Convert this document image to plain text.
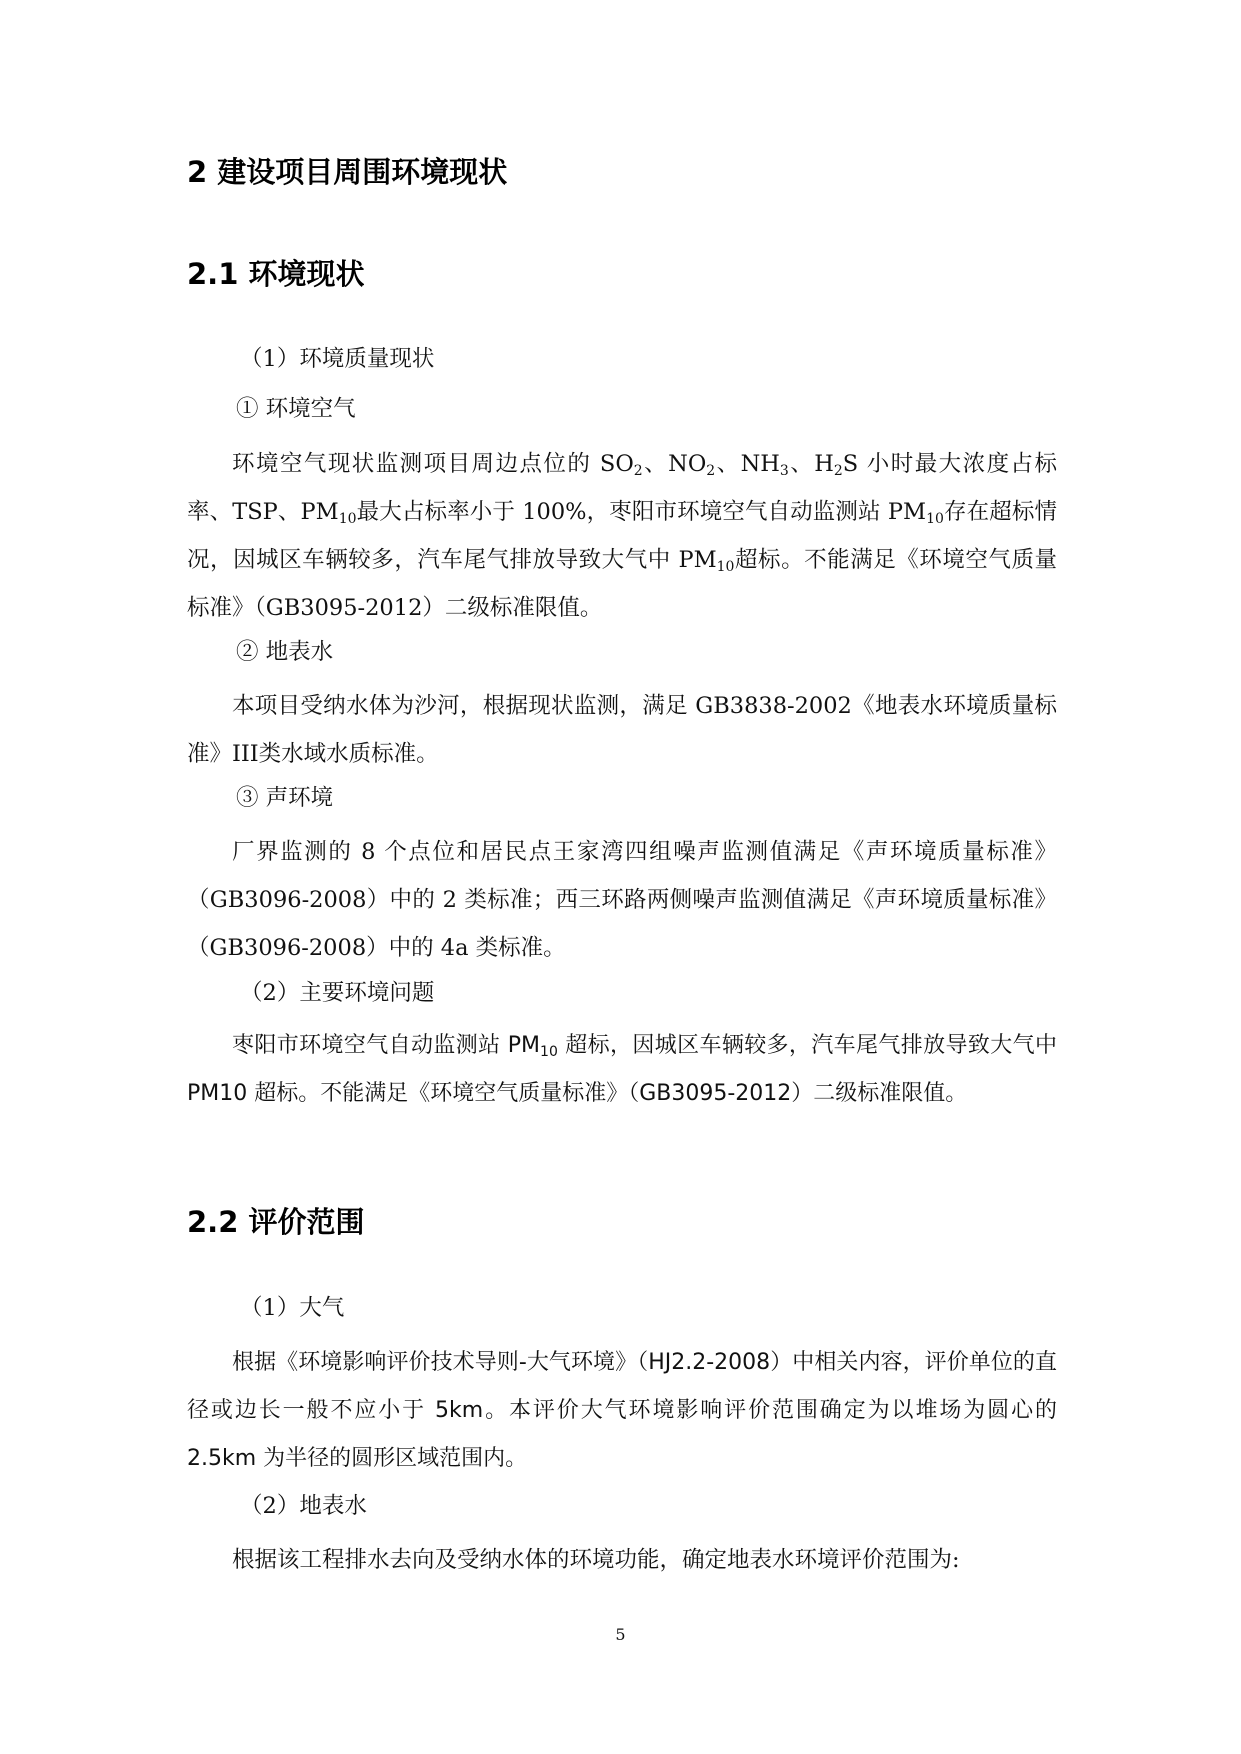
2 建设项目周围环境现状
2.1 环境现状
（1）环境质量现状
① 环境空气

环境空气现状监测项目周边点位的 $SO_2$、$NO_2$、$NH_3$、$H_2S$ 小时最大浓度占标率、TSP、$PM_{10}$最大占标率小于 100%，枣阳市环境空气自动监测站 $PM_{10}$存在超标情况，因城区车辆较多，汽车尾气排放导致大气中 $PM_{10}$超标。不能满足《环境空气质量标准》（GB3095-2012）二级标准限值。

② 地表水

本项目受纳水体为沙河，根据现状监测，满足 GB3838-2002《地表水环境质量标准》III类水域水质标准。

③ 声环境

厂界监测的 8 个点位和居民点王家湾四组噪声监测值满足《声环境质量标准》（GB3096-2008）中的 2 类标准；西三环路两侧噪声监测值满足《声环境质量标准》（GB3096-2008）中的 4a 类标准。

（2）主要环境问题

枣阳市环境空气自动监测站 $PM_{10}$ 超标，因城区车辆较多，汽车尾气排放导致大气中 PM10 超标。不能满足《环境空气质量标准》（GB3095-2012）二级标准限值。

2.2 评价范围
（1）大气

根据《环境影响评价技术导则-大气环境》（HJ2.2-2008）中相关内容，评价单位的直径或边长一般不应小于 5km。本评价大气环境影响评价范围确定为以堆场为圆心的 2.5km 为半径的圆形区域范围内。

（2）地表水

根据该工程排水去向及受纳水体的环境功能，确定地表水环境评价范围为:

5
